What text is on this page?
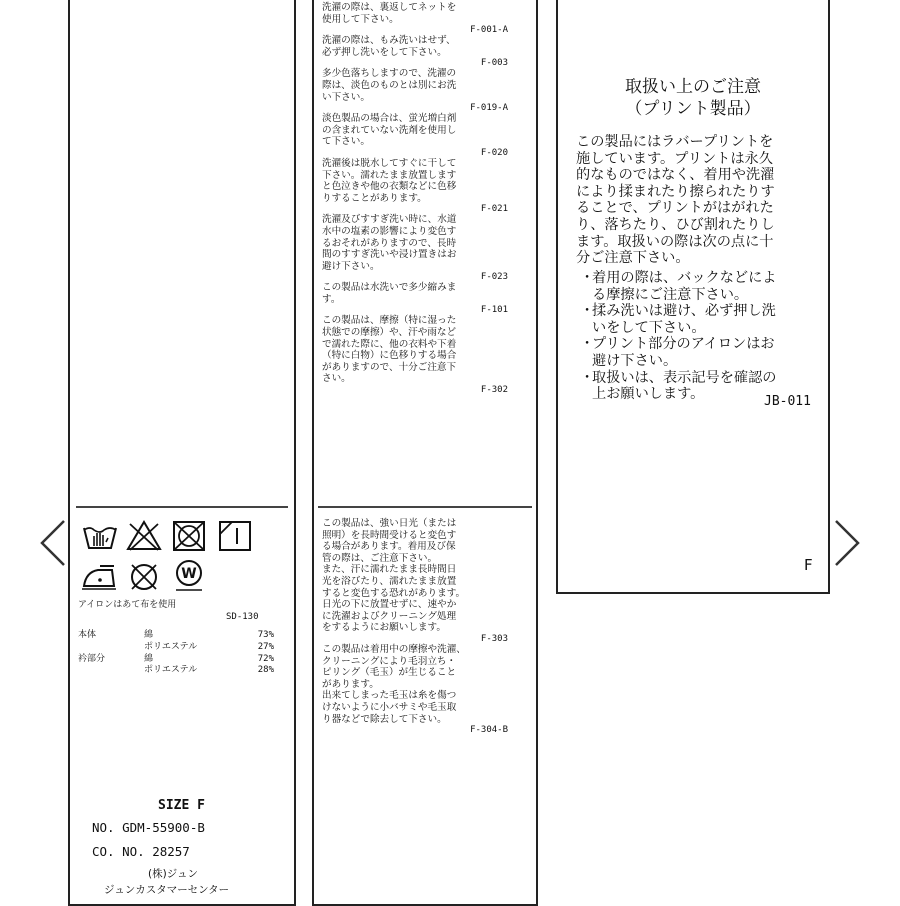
W
アイロンはあて布を使用
SD-130
本体	綿	73%
ポリエステル	27%
衿部分	綿	72%
ポリエステル	28%
SIZE F
NO. GDM-55900-B
CO. NO. 28257
(株)ジュン
ジュンカスタマーセンター

洗濯の際は、裏返してネットを
使用して下さい。

F-001-A

洗濯の際は、もみ洗いはせず、
必ず押し洗いをして下さい。

F-003

多少色落ちしますので、洗濯の
際は、淡色のものとは別にお洗
い下さい。

F-019-A

淡色製品の場合は、蛍光増白剤
の含まれていない洗剤を使用し
て下さい。

F-020

洗濯後は脱水してすぐに干して
下さい。濡れたまま放置します
と色泣きや他の衣類などに色移
りすることがあります。

F-021

洗濯及びすすぎ洗い時に、水道
水中の塩素の影響により変色す
るおそれがありますので、長時
間のすすぎ洗いや浸け置きはお
避け下さい。

F-023

この製品は水洗いで多少縮みま
す。

F-101

この製品は、摩擦（特に湿った
状態での摩擦）や、汗や雨など
で濡れた際に、他の衣料や下着
（特に白物）に色移りする場合
がありますので、十分ご注意下
さい。

F-302

この製品は、強い日光（または
照明）を長時間受けると変色す
る場合があります。着用及び保
管の際は、ご注意下さい。
また、汗に濡れたまま長時間日
光を浴びたり、濡れたまま放置
すると変色する恐れがあります。
日光の下に放置せずに、速やか
に洗濯およびクリーニング処理
をするようにお願いします。

F-303

この製品は着用中の摩擦や洗濯、
クリーニングにより毛羽立ち・
ピリング（毛玉）が生じること
があります。
出来てしまった毛玉は糸を傷つ
けないように小バサミや毛玉取
り器などで除去して下さい。

F-304-B

取扱い上のご注意
（プリント製品）
この製品にはラバープリントを
施しています。プリントは永久
的なものではなく、着用や洗濯
により揉まれたり擦られたりす
ることで、プリントがはがれた
り、落ちたり、ひび割れたりし
ます。取扱いの際は次の点に十
分ご注意下さい。
・
着用の際は、バックなどによ
る摩擦にご注意下さい。
・
揉み洗いは避け、必ず押し洗
いをして下さい。
・
プリント部分のアイロンはお
避け下さい。
・
取扱いは、表示記号を確認の
上お願いします。	JB-011
F
